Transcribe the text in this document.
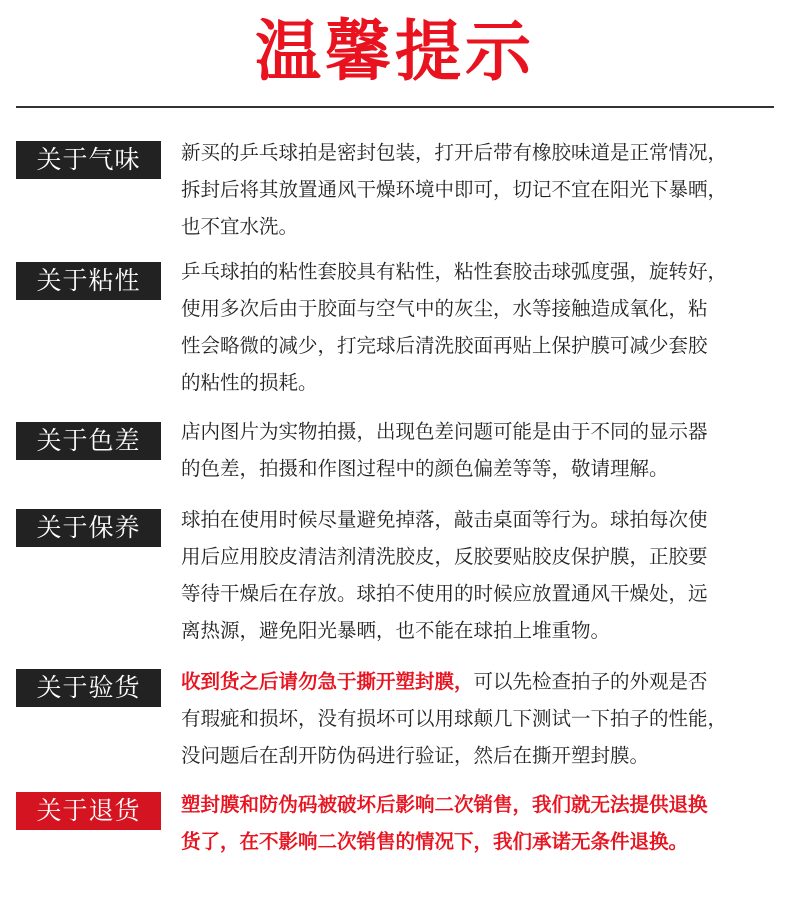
温馨提示
关于气味	新买的乒乓球拍是密封包装，打开后带有橡胶味道是正常情况，
拆封后将其放置通风干燥环境中即可，切记不宜在阳光下暴晒，
也不宜水洗。
关于粘性	乒乓球拍的粘性套胶具有粘性，粘性套胶击球弧度强，旋转好，
使用多次后由于胶面与空气中的灰尘，水等接触造成氧化，粘
性会略微的减少，打完球后清洗胶面再贴上保护膜可减少套胶
的粘性的损耗。
关于色差	店内图片为实物拍摄，出现色差问题可能是由于不同的显示器
的色差，拍摄和作图过程中的颜色偏差等等，敬请理解。
关于保养	球拍在使用时候尽量避免掉落，敲击桌面等行为。球拍每次使
用后应用胶皮清洁剂清洗胶皮，反胶要贴胶皮保护膜，正胶要
等待干燥后在存放。球拍不使用的时候应放置通风干燥处，远
离热源，避免阳光暴晒，也不能在球拍上堆重物。
关于验货	收到货之后请勿急于撕开塑封膜，可以先检查拍子的外观是否
有瑕疵和损坏，没有损坏可以用球颠几下测试一下拍子的性能，
没问题后在刮开防伪码进行验证，然后在撕开塑封膜。
关于退货	塑封膜和防伪码被破坏后影响二次销售，我们就无法提供退换
货了，在不影响二次销售的情况下，我们承诺无条件退换。
